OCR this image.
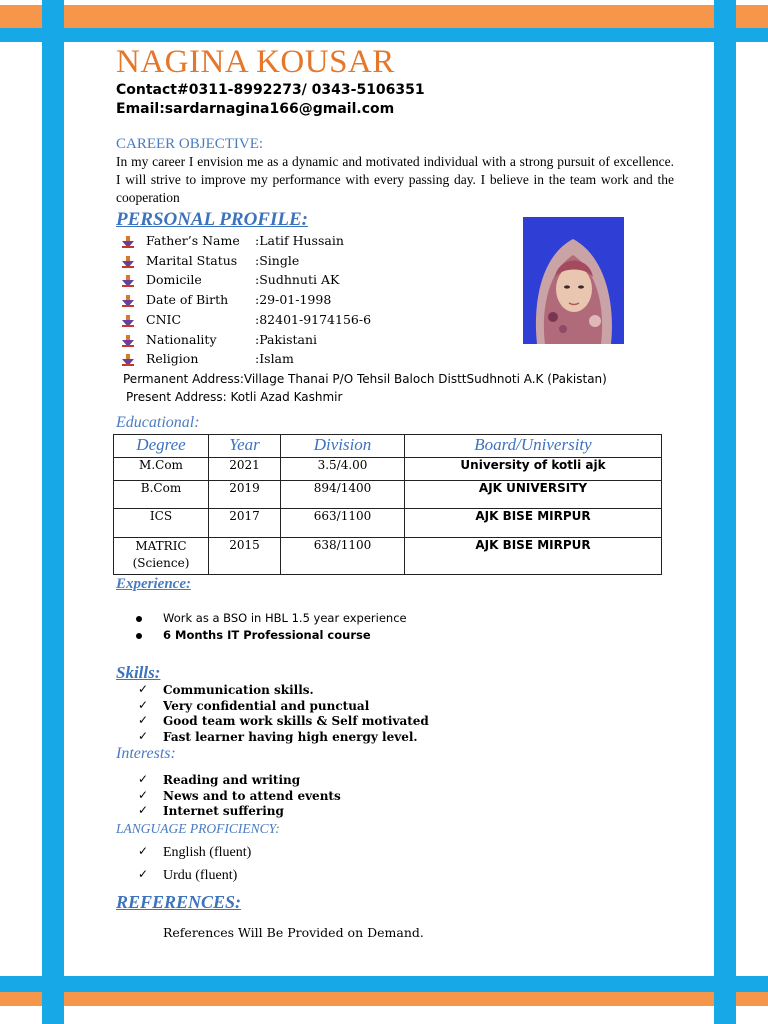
NAGINA KOUSAR
Contact#0311-8992273/ 0343-5106351
Email:sardarnagina166@gmail.com
CAREER OBJECTIVE:
In my career I envision me as a dynamic and motivated individual with a strong pursuit of excellence. I will strive to improve my performance with every passing day. I believe in the team work and the cooperation
PERSONAL PROFILE:
Father’s Name :Latif Hussain
Marital Status :Single
Domicile	:Sudhnuti AK
Date of Birth :29-01-1998
CNIC	:82401-9174156-6
Nationality	:Pakistani
Religion	:Islam
Permanent Address:Village Thanai P/O Tehsil Baloch DisttSudhnoti A.K (Pakistan)
Present Address: Kotli Azad Kashmir
Educational:
Degree	Year	Division	Board/University
M.Com	2021	3.5/4.00	University of kotli ajk
B.Com	2019	894/1400	AJK UNIVERSITY
ICS	2017	663/1100	AJK BISE MIRPUR
MATRIC (Science)	2015	638/1100	AJK BISE MIRPUR
Experience:
Work as a BSO in HBL 1.5 year experience
6 Months IT Professional course
Skills:
✓ Communication skills.
✓ Very confidential and punctual
✓ Good team work skills & Self motivated
✓ Fast learner having high energy level.
Interests:
✓ Reading and writing
✓ News and to attend events
✓ Internet suffering
LANGUAGE PROFICIENCY:
✓ English (fluent)
✓ Urdu (fluent)
REFERENCES:
References Will Be Provided on Demand.
